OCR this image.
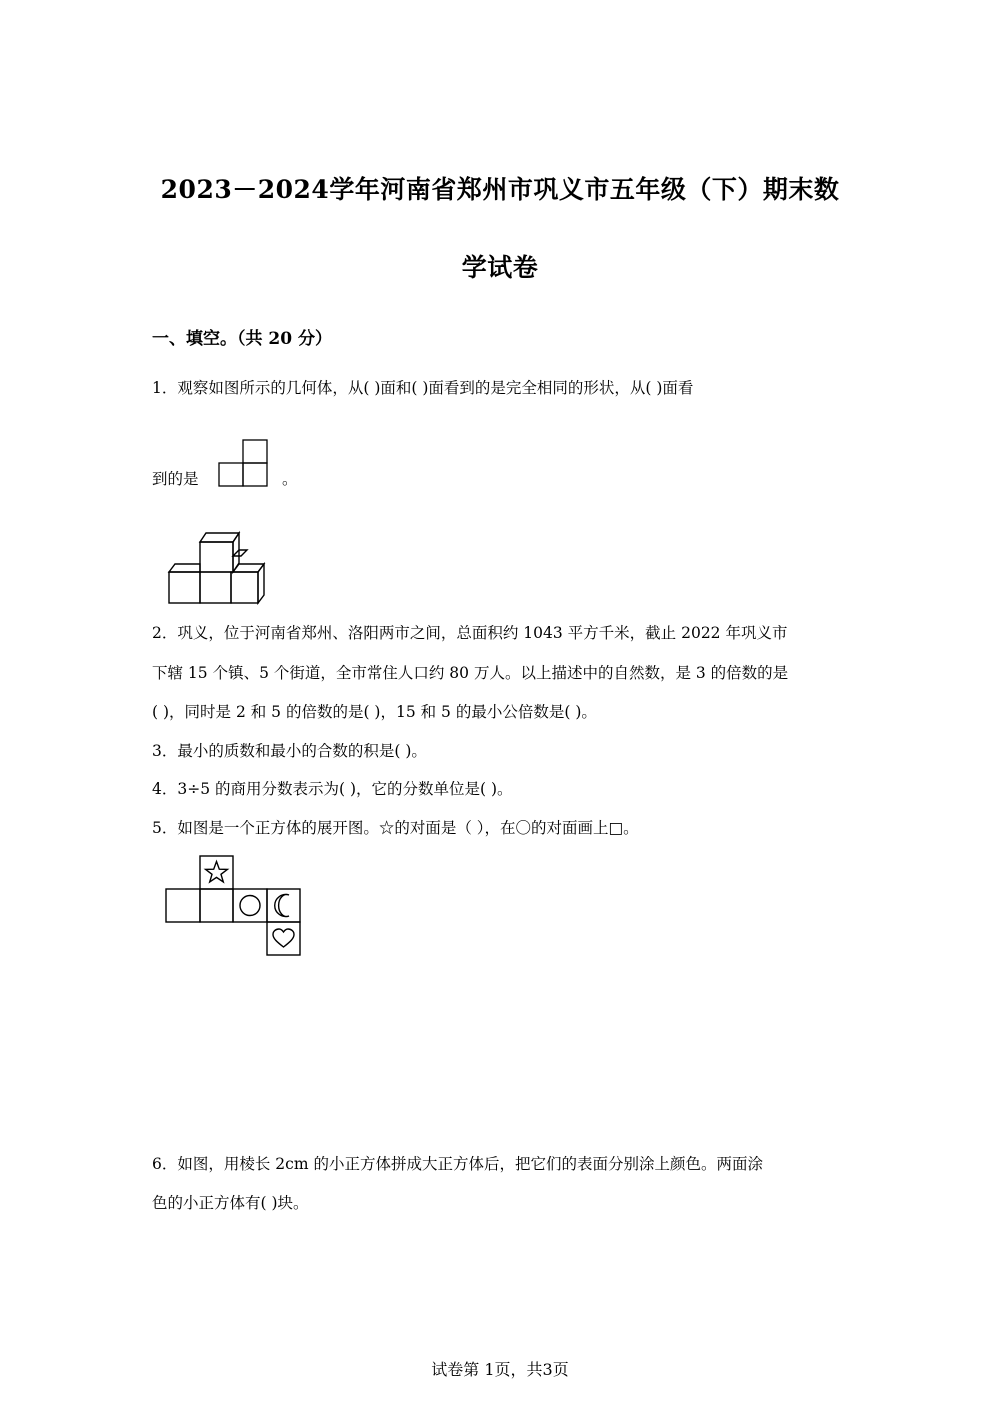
2023－2024学年河南省郑州市巩义市五年级（下）期末数
学试卷
一、填空。（共 20 分）
1．观察如图所示的几何体，从( )面和( )面看到的是完全相同的形状，从( )面看
到的是	。
2．巩义，位于河南省郑州、洛阳两市之间，总面积约 1043 平方千米，截止 2022 年巩义市
下辖 15 个镇、5 个街道，全市常住人口约 80 万人。以上描述中的自然数，是 3 的倍数的是
( )，同时是 2 和 5 的倍数的是( )，15 和 5 的最小公倍数是( )。
3．最小的质数和最小的合数的积是( )。
4．3÷5 的商用分数表示为( )，它的分数单位是( )。
5．如图是一个正方体的展开图。☆的对面是（ ），在〇的对面画上□。
6．如图，用棱长 2cm 的小正方体拼成大正方体后，把它们的表面分别涂上颜色。两面涂
色的小正方体有( )块。
试卷第 1页，共3页
